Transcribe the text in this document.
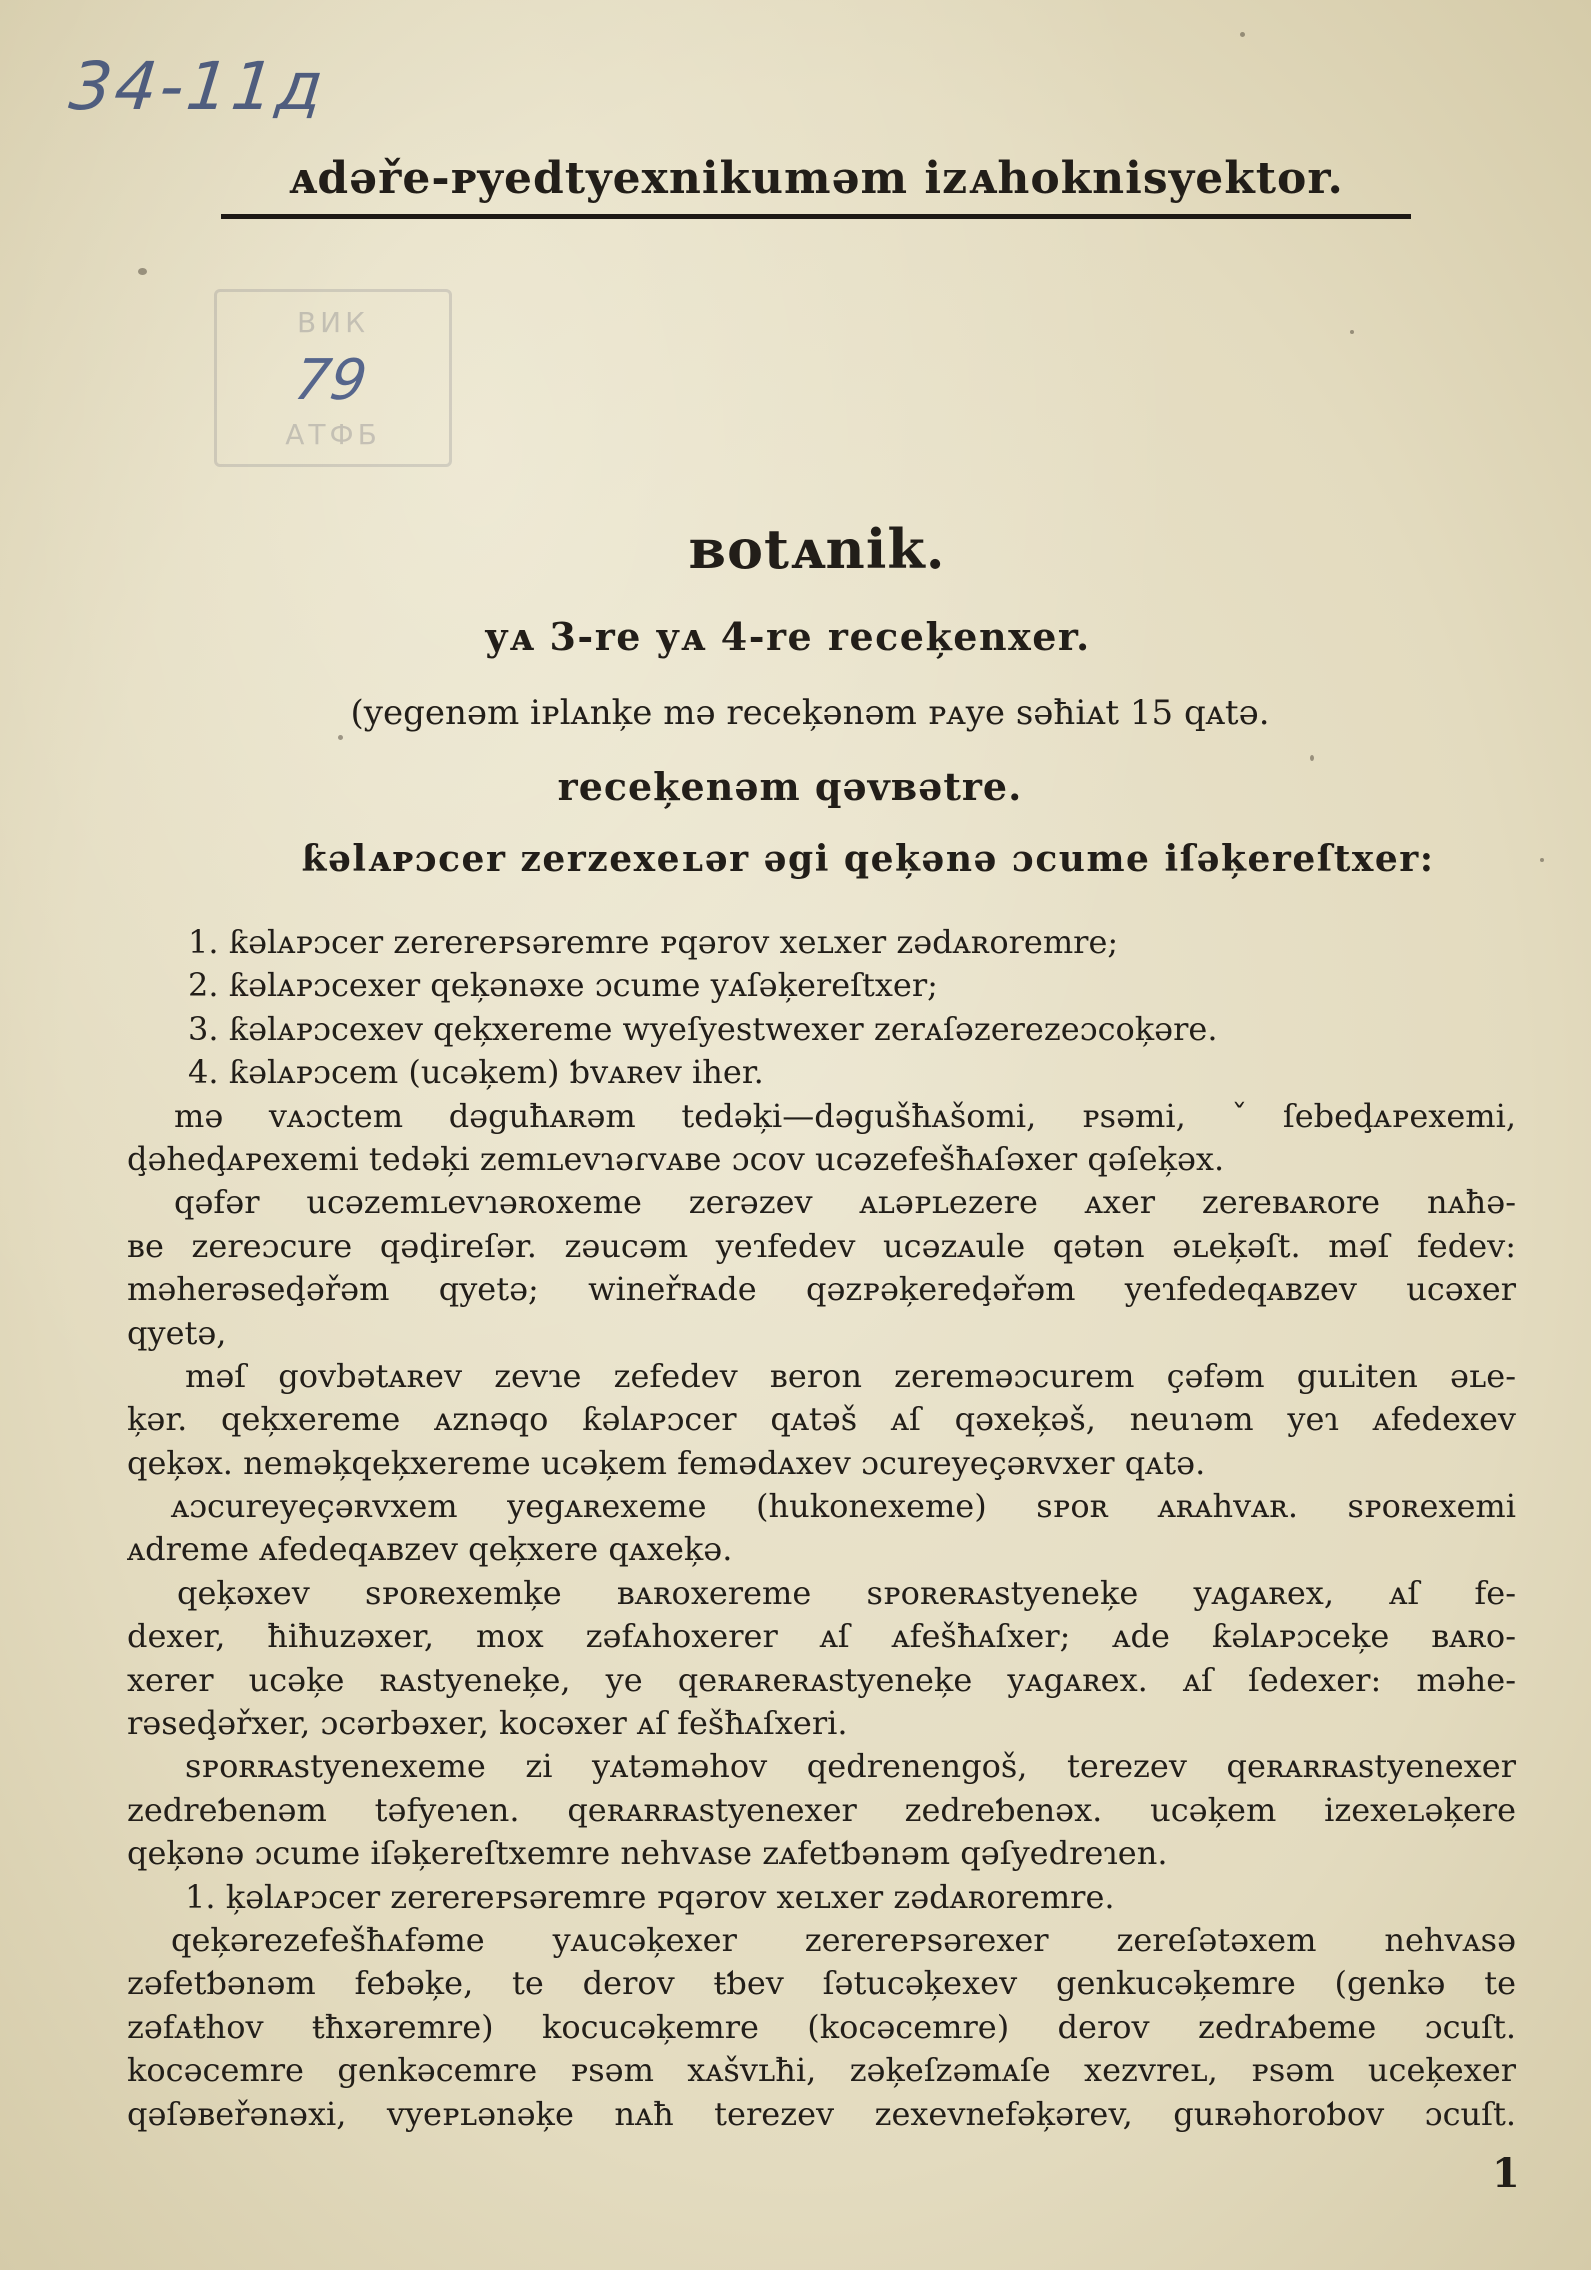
34-11д
ᴀdəře-ᴘyedtyexnikuməm izᴀhoknisyektor.
ВИК
79
АТФБ
ʙotᴀnik.
yᴀ 3-re yᴀ 4-re receķenxer.
(yegenəm iᴘlᴀnķe mə receķənəm ᴘᴀye səħiᴀt 15 qᴀtə.
receķenəm qəvʙətre.
ƙəlᴀᴘɔcer zerzexeʟər əgi qeķənə ɔcume iſəķereſtxer:
1. ƙəlᴀᴘɔcer zerereᴘsəremre ᴘqərov xeʟxer zədᴀʀoremre;
2. ƙəlᴀᴘɔcexer qeķənəxe ɔcume yᴀſəķereſtxer;
3. ƙəlᴀᴘɔcexev qeķxereme wyeſyestwexer zerᴀſəzerezeɔcoķəre.
4. ƙəlᴀᴘɔcem (ucəķem) ƅᴠᴀʀev iher.
mə ᴠᴀɔctem dəguħᴀʀəm tedəķi—dəgušħᴀšomi, ᴘsəmi, ˇſebeḑᴀᴘexemi,
ḑəheḑᴀᴘexemi tedəķi zemʟevɿəɾᴠᴀʙe ɔcov ucəzefešħᴀſəxer qəſeķəx.
qəfər ucəzemʟevɿəʀoxeme zerəzev ᴀʟəᴘʟezere ᴀxer zereʙᴀʀore nᴀħə-
ʙe zereɔcure qəḑireſər. zəucəm yeɿfedev ucəzᴀule qətən əʟeķəſt. məſ fedev:
məherəseḑəřəm qyetə; wineřʀᴀde qəzᴘəķereḑəřəm yeɿfedeqᴀʙzev ucəxer
qyetə,
məſ govbətᴀʀev zevɿe zefedev ʙeron zereməɔcurem çəfəm guʟiten əʟe-
ķər. qeķxereme ᴀznəqo ƙəlᴀᴘɔcer qᴀtəš ᴀſ qəxeķəš, neuɿəm yeɿ ᴀfedexev
qeķəx. neməķqeķxereme ucəķem femədᴀxev ɔcureyeçəʀᴠxer qᴀtə.
ᴀɔcureyeçəʀᴠxem yegᴀʀexeme (hukonexeme) sᴘoʀ ᴀʀᴀhᴠᴀʀ. sᴘoʀexemi
ᴀdreme ᴀfedeqᴀʙzev qeķxere qᴀxeķə.
qeķəxev sᴘoʀexemķe ʙᴀʀoxereme sᴘoʀeʀᴀstyeneķe yᴀgᴀʀex, ᴀſ fe-
dexer, ħiħuzəxer, mox zəfᴀhoxerer ᴀſ ᴀfešħᴀſxer; ᴀde ƙəlᴀᴘɔceķe ʙᴀʀo-
xerer ucəķe ʀᴀstyeneķe, ye qeʀᴀʀeʀᴀstyeneķe yᴀgᴀʀex. ᴀſ ſedexer: məhe-
rəseḑəřxer, ɔcərbəxer, kocəxer ᴀſ fešħᴀſxeri.
sᴘoʀʀᴀstyenexeme zi yᴀtəməhov qedrenengoš, terezev qeʀᴀʀʀᴀstyenexer
zedreƅenəm təfyeɿen. qeʀᴀʀʀᴀstyenexer zedreƅenəx. ucəķem izexeʟəķere
qeķənə ɔcume iſəķereſtxemre nehᴠᴀse zᴀfetƅənəm qəſyedreɿen.
1. ķəlᴀᴘɔcer zerereᴘsəremre ᴘqərov xeʟxer zədᴀʀoremre.
qeķərezefešħᴀfəme yᴀucəķexer zerereᴘsərexer zereſətəxem nehᴠᴀsə
zəfetƅənəm feƅəķe, te derov ŧƅev ſətucəķexev genkucəķemre (genkə te
zəfᴀŧhov ŧħxəremre) kocucəķemre (kocəcemre) derov zedrᴀƅeme ɔcuſt.
kocəcemre genkəcemre ᴘsəm xᴀšvʟħi, zəķeſzəmᴀſe xezvreʟ, ᴘsəm uceķexer
qəſəʙeřənəxi, vyeᴘʟənəķe nᴀħ terezev zexevnefəķərev, guʀəhoroƅov ɔcuſt.
1
